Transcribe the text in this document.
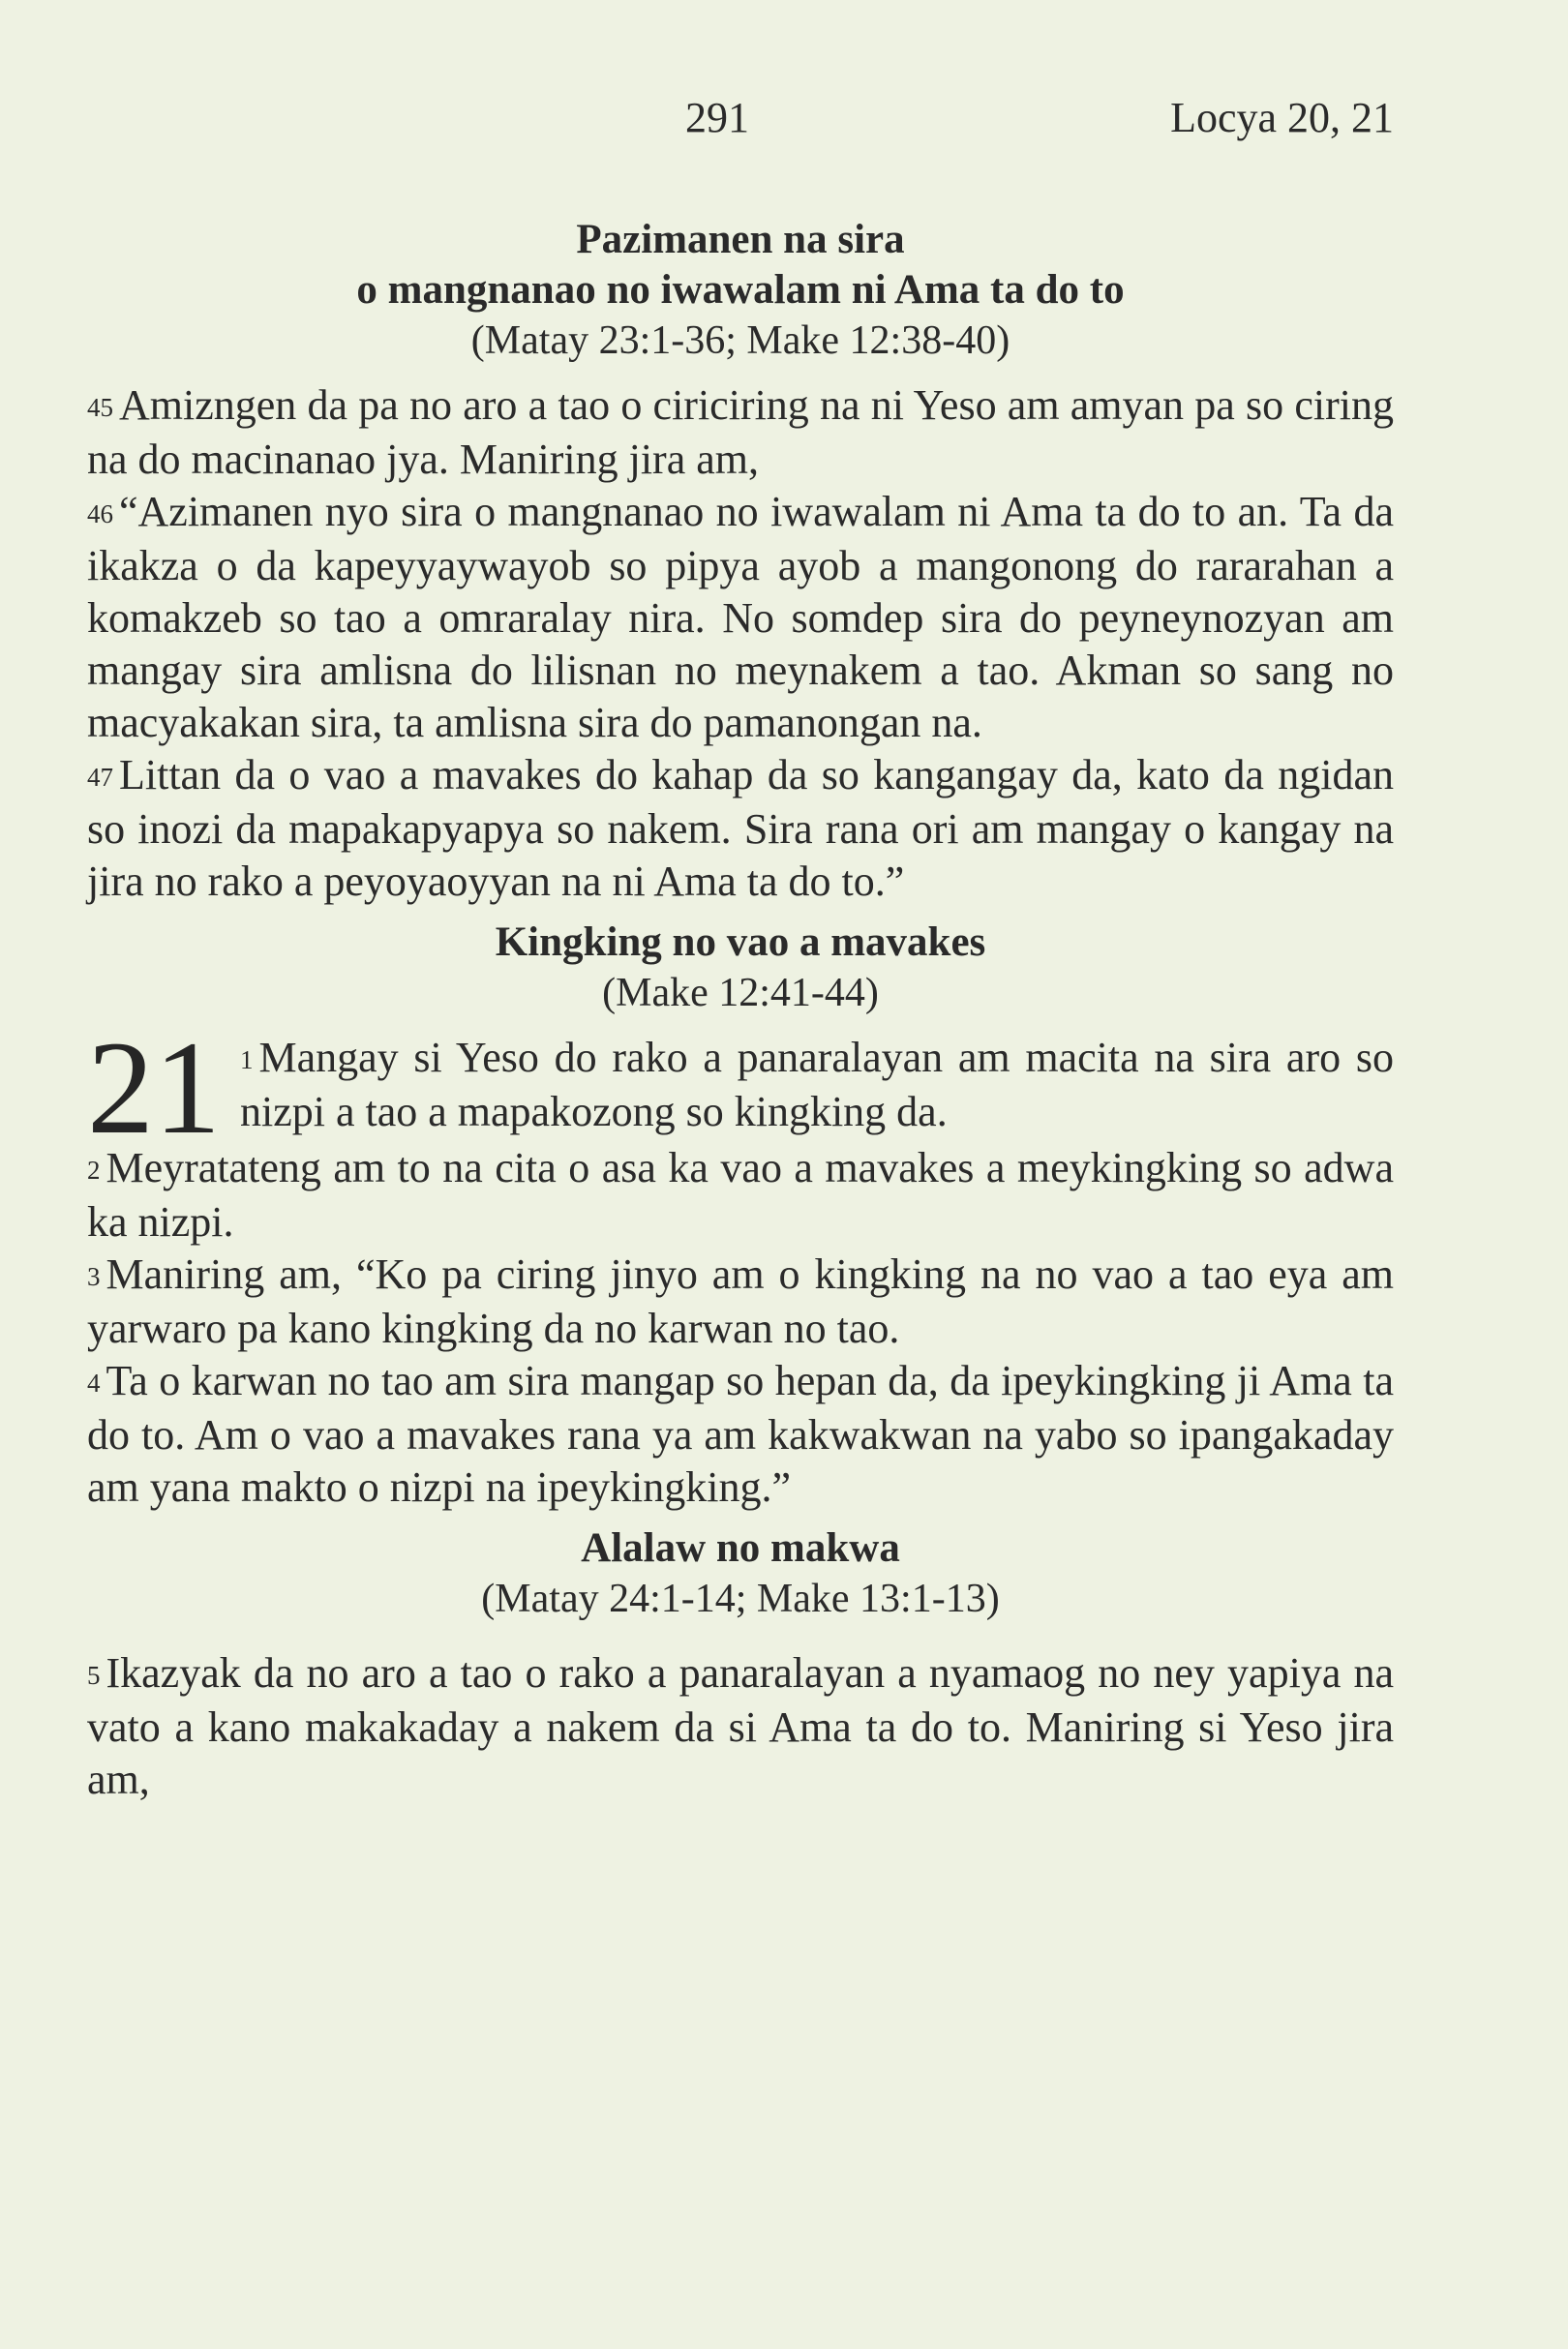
291	Locya 20, 21
Pazimanen na sira
o mangnanao no iwawalam ni Ama ta do to
(Matay 23:1-36; Make 12:38-40)
45 Amizngen da pa no aro a tao o ciriciring na ni Yeso am amyan pa so ciring na do macinanao jya. Maniring jira am,
46 “Azimanen nyo sira o mangnanao no iwawalam ni Ama ta do to an. Ta da ikakza o da kapeyyaywayob so pipya ayob a mangonong do rararahan a komakzeb so tao a omraralay nira. No somdep sira do peyneynozyan am mangay sira amlisna do lilisnan no meynakem a tao. Akman so sang no macyakakan sira, ta amlisna sira do pamanongan na.
47 Littan da o vao a mavakes do kahap da so kangangay da, kato da ngidan so inozi da mapakapyapya so nakem. Sira rana ori am mangay o kangay na jira no rako a peyoyaoyyan na ni Ama ta do to.”
Kingking no vao a mavakes
(Make 12:41-44)
21 1 Mangay si Yeso do rako a panaralayan am macita na sira aro so nizpi a tao a mapakozong so kingking da.
2 Meyratateng am to na cita o asa ka vao a mavakes a meykingking so adwa ka nizpi.
3 Maniring am, “Ko pa ciring jinyo am o kingking na no vao a tao eya am yarwaro pa kano kingking da no karwan no tao.
4 Ta o karwan no tao am sira mangap so hepan da, da ipeykingking ji Ama ta do to. Am o vao a mavakes rana ya am kakwakwan na yabo so ipangakaday am yana makto o nizpi na ipeykingking.”
Alalaw no makwa
(Matay 24:1-14; Make 13:1-13)
5 Ikazyak da no aro a tao o rako a panaralayan a nyamaog no ney yapiya na vato a kano makakaday a nakem da si Ama ta do to. Maniring si Yeso jira am,
